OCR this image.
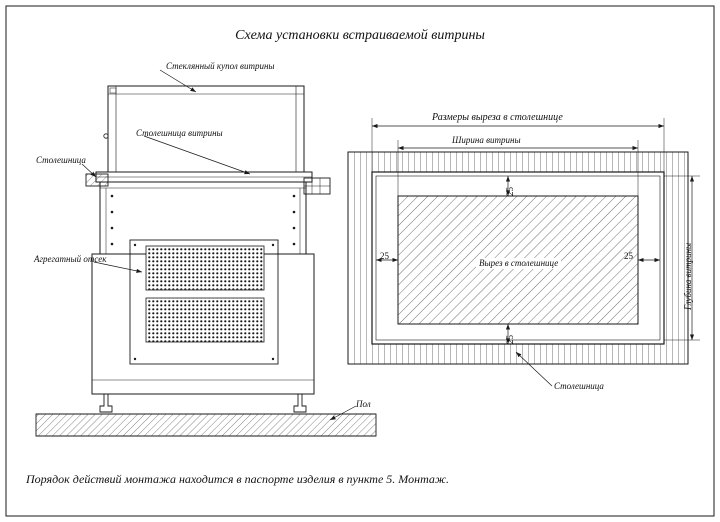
Схема установки встраиваемой витрины
Стеклянный купол витрины
Столешница витрины
Столешница
Агрегатный отсек
Пол
Размеры выреза в столешнице
Ширина витрины
Глубина витрины
Вырез в столешнице
Столешница
25
25
25	25
Порядок действий монтажа находится в паспорте изделия в пункте 5. Монтаж.
